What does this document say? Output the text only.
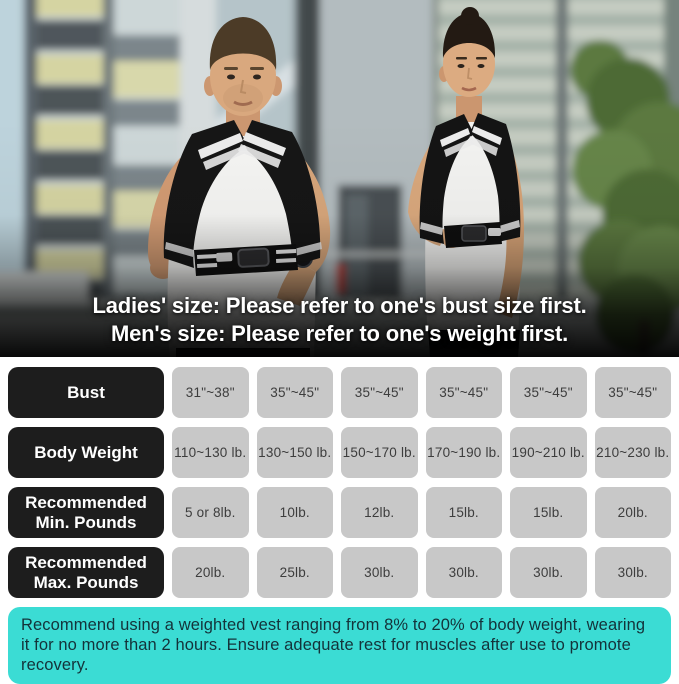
Ladies' size: Please refer to one's bust size first.
Men's size: Please refer to one's weight first.
Bust	31"~38"	35"~45"	35"~45"	35"~45"	35"~45"	35"~45"
Body Weight	110~130 lb. 130~150 lb. 150~170 lb. 170~190 lb. 190~210 lb. 210~230 lb.
Recommended Min. Pounds	5 or 8lb.	10lb.	12lb.	15lb.	15lb.	20lb.
Recommended Max. Pounds	20lb.	25lb.	30lb.	30lb.	30lb.	30lb.
Recommend using a weighted vest ranging from 8% to 20% of body weight, wearing it for no more than 2 hours. Ensure adequate rest for muscles after use to promote recovery.
